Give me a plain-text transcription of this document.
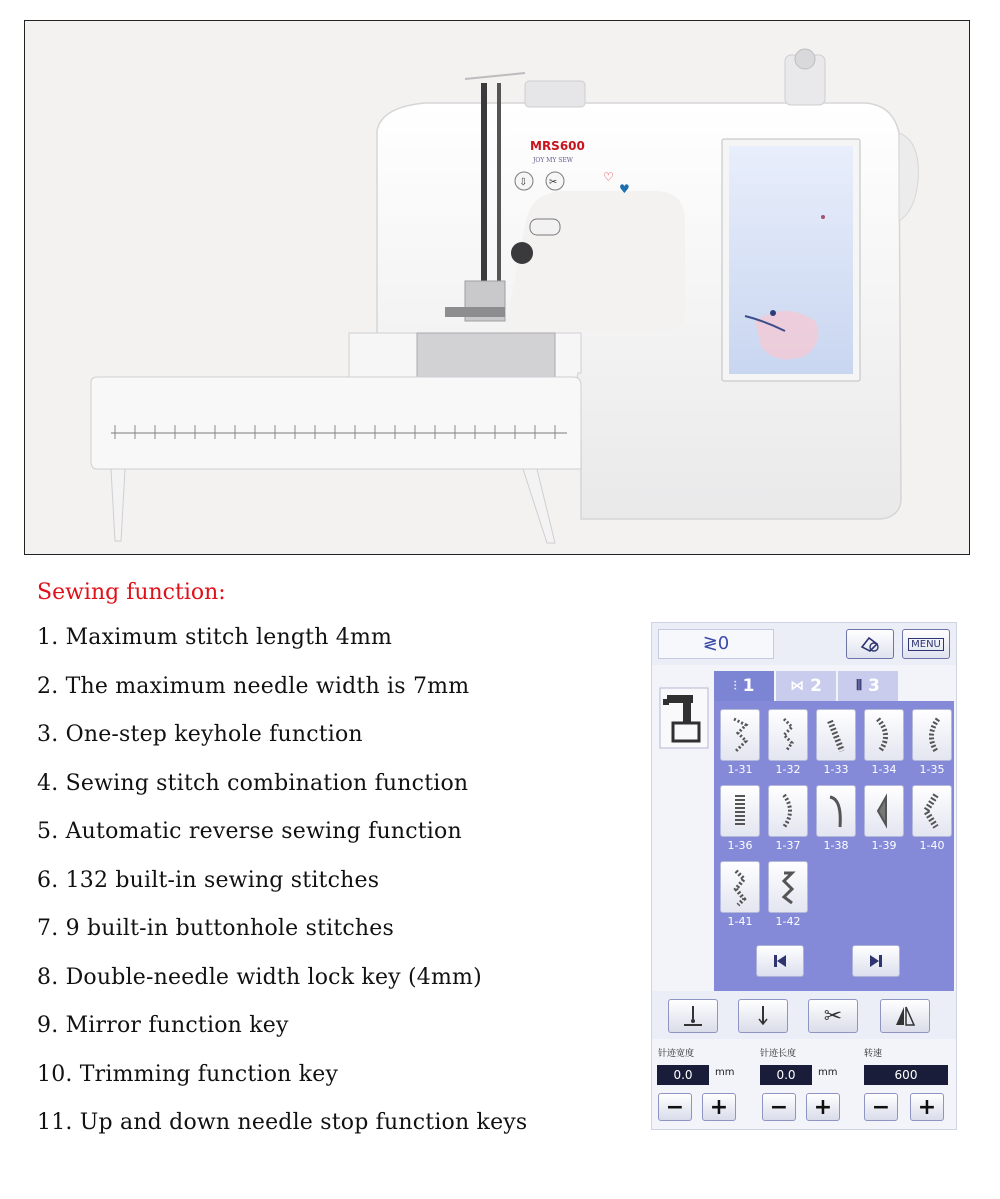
MRS600
JOY MY SEW
⇩ ✂	♡
♥
Sewing function:
1. Maximum stitch length 4mm
2. The maximum needle width is 7mm
3. One-step keyhole function
4. Sewing stitch combination function
5. Automatic reverse sewing function
6. 132 built-in sewing stitches
7. 9 built-in buttonhole stitches
8. Double-needle width lock key (4mm)
9. Mirror function key
10. Trimming function key
11. Up and down needle stop function keys
≷0	MENU
⫶ 1	⋈ 2 ⫴ 3
1-31	1-32	1-33	1-34	1-35
1-36	1-37	1-38	1-39	1-40
1-41	1-42
✂
针迹宽度
0.0	mm
−	+
针迹长度
0.0	mm
−	+
转速
600
−	+
